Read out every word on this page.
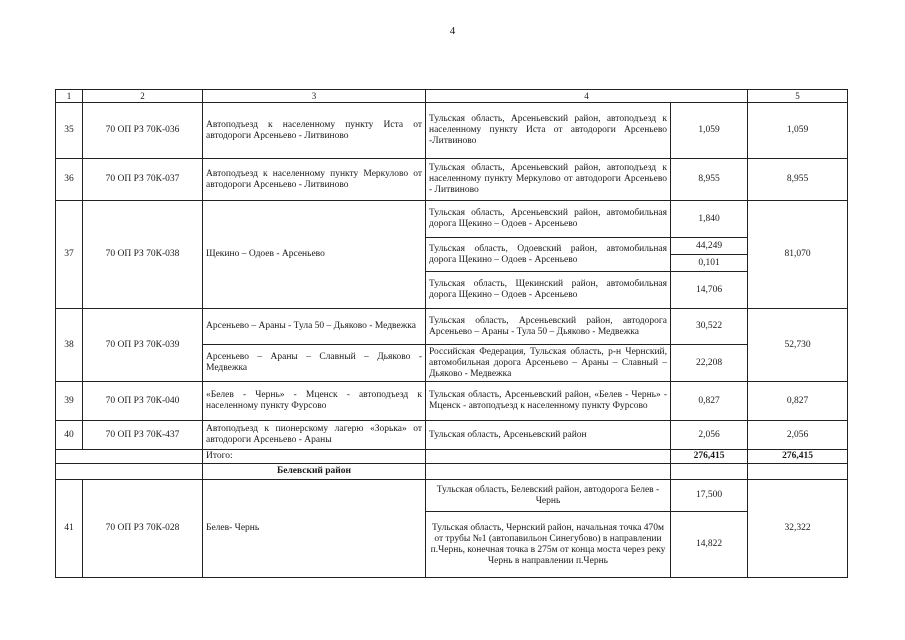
4
1	2	3	4		5
35	70 ОП РЗ 70К-036	Автоподъезд к населенному пункту Иста от автодороги Арсеньево - Литвиново	Тульская область, Арсеньевский район, автоподъезд к населенному пункту Иста от автодороги Арсеньево -Литвиново	1,059	1,059
36	70 ОП РЗ 70К-037	Автоподъезд к населенному пункту Меркулово от автодороги Арсеньево - Литвиново	Тульская область, Арсеньевский район, автоподъезд к населенному пункту Меркулово от автодороги Арсеньево - Литвиново	8,955	8,955
37	70 ОП РЗ 70К-038	Щекино – Одоев - Арсеньево	Тульская область, Арсеньевский район, автомобильная дорога Щекино – Одоев - Арсеньево	1,840	81,070
			Тульская область, Одоевский район, автомобильная дорога Щекино – Одоев - Арсеньево	44,249	
				0,101	
			Тульская область, Щекинский район, автомобильная дорога Щекино – Одоев - Арсеньево	14,706	
38	70 ОП РЗ 70К-039	Арсеньево – Араны - Тула 50 – Дьяково - Медвежка	Тульская область, Арсеньевский район, автодорога Арсеньево – Араны - Тула 50 – Дьяково - Медвежка	30,522	52,730
		Арсеньево – Араны – Славный – Дьяково - Медвежка	Российская Федерация, Тульская область, р-н Чернский, автомобильная дорога Арсеньево – Араны – Славный – Дьяково - Медвежка	22,208	
39	70 ОП РЗ 70К-040	«Белев - Чернь» - Мценск - автоподъезд к населенному пункту Фурсово	Тульская область, Арсеньевский район, «Белев - Чернь» - Мценск - автоподъезд к населенному пункту Фурсово	0,827	0,827
40	70 ОП РЗ 70К-437	Автоподъезд к пионерскому лагерю «Зорька» от автодороги Арсеньево - Араны	Тульская область, Арсеньевский район	2,056	2,056
		Итого:		276,415	276,415
		Белевский район			
41	70 ОП РЗ 70К-028	Белев- Чернь	Тульская область, Белевский район, автодорога Белев - Чернь	17,500	32,322
			Тульская область, Чернский район, начальная точка 470м от трубы №1 (автопавильон Синегубово) в направлении п.Чернь, конечная точка в 275м от конца моста через реку Чернь в направлении п.Чернь	14,822	
